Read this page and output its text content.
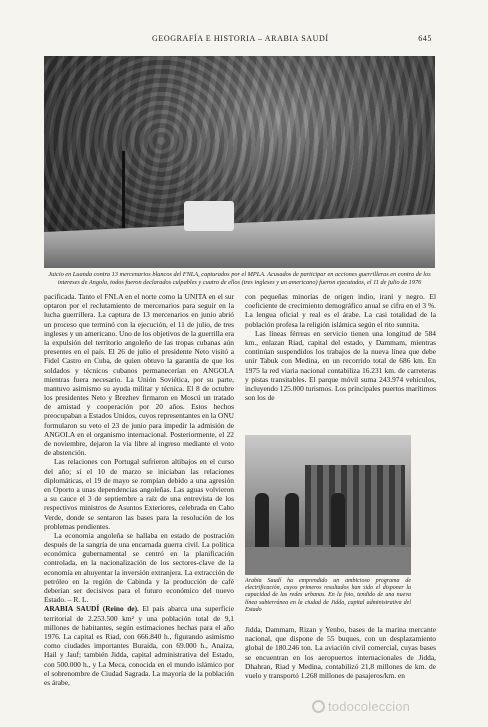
GEOGRAFÍA E HISTORIA – ARABIA SAUDÍ	645
Juicio en Luanda contra 13 mercenarios blancos del FNLA, capturados por el MPLA. Acusados de participar en acciones guerrilleras en contra de los intereses de Angola, todos fueron declarados culpables y cuatro de ellos (tres ingleses y un americano) fueron ejecutados, el 11 de julio de 1976

pacificada. Tanto el FNLA en el norte como la UNITA en el sur optaron por el reclutamiento de mercenarios para seguir en la lucha guerrillera. La captura de 13 mercenarios en junio abrió un proceso que terminó con la ejecución, el 11 de julio, de tres ingleses y un americano. Uno de los objetivos de la guerrilla era la expulsión del territorio angoleño de las tropas cubanas aún presentes en el país. El 26 de julio el presidente Neto visitó a Fidel Castro en Cuba, de quien obtuvo la garantía de que los soldados y técnicos cubanos permanecerían en ANGOLA mientras fuera necesario. La Unión Soviética, por su parte, mantuvo asimismo su ayuda militar y técnica. El 8 de octubre los presidentes Neto y Brezhev firmaron en Moscú un tratado de amistad y cooperación por 20 años. Estos hechos preocupaban a Estados Unidos, cuyos representantes en la ONU formularon su veto el 23 de junio para impedir la admisión de ANGOLA en el organismo internacional. Posteriormente, el 22 de noviembre, dejaron la vía libre al ingreso mediante el voto de abstención.

Las relaciones con Portugal sufrieron altibajos en el curso del año; si el 10 de marzo se iniciaban las relaciones diplomáticas, el 19 de mayo se rompían debido a una agresión en Oporto a unas dependencias angoleñas. Las aguas volvieron a su cauce el 3 de septiembre a raíz de una entrevista de los respectivos ministros de Asuntos Exteriores, celebrada en Cabo Verde, donde se sentaron las bases para la resolución de los problemas pendientes.

La economía angoleña se hallaba en estado de postración después de la sangría de una encarnada guerra civil. La política económica gubernamental se centró en la planificación controlada, en la nacionalización de los sectores-clave de la economía en ahuyentar la inversión extranjera. La extracción de petróleo en la región de Cabinda y la producción de café deberían ser decisivos para el futuro económico del nuevo Estado. – R. L.

ARABIA SAUDÍ (Reino de). El país abarca una superficie territorial de 2.253.500 km² y una población total de 9,1 millones de habitantes, según estimaciones hechas para el año 1976. La capital es Riad, con 666.840 h., figurando asimismo como ciudades importantes Buraida, con 69.000 h., Anaiza, Hail y Jauf; también Jidda, capital administrativa del Estado, con 500.000 h., y La Meca, conocida en el mundo islámico por el sobrenombre de Ciudad Sagrada. La mayoría de la población es árabe,

con pequeñas minorías de origen indio, iraní y negro. El coeficiente de crecimiento demográfico anual se cifra en el 3 %. La lengua oficial y real es el árabe. La casi totalidad de la población profesa la religión islámica según el rito sunnita.

Las líneas férreas en servicio tienen una longitud de 584 km., enlazan Riad, capital del estado, y Dammam, mientras continúan suspendidos los trabajos de la nueva línea que debe unir Tabuk con Medina, en un recorrido total de 686 km. En 1975 la red viaria nacional contabiliza 16.231 km. de carreteras y pistas transitables. El parque móvil suma 243.974 vehículos, incluyendo 125.000 turismos. Los principales puertos marítimos son los de

Arabia Saudí ha emprendido un ambicioso programa de electrificación, cuyos primeros resultados han sido el disponer la capacidad de las redes urbanas. En la foto, tendido de una nueva línea subterránea en la ciudad de Jidda, capital administrativa del Estado

Jidda, Dammam, Rizan y Yenbo, bases de la marina mercante nacional, que dispone de 55 buques, con un desplazamiento global de 180.246 ton. La aviación civil comercial, cuyas bases se encuentran en los aeropuertos internacionales de Jidda, Dhahran, Riad y Medina, contabilizó 21,8 millones de km. de vuelo y transportó 1.268 millones de pasajeros/km. en

todocoleccion
